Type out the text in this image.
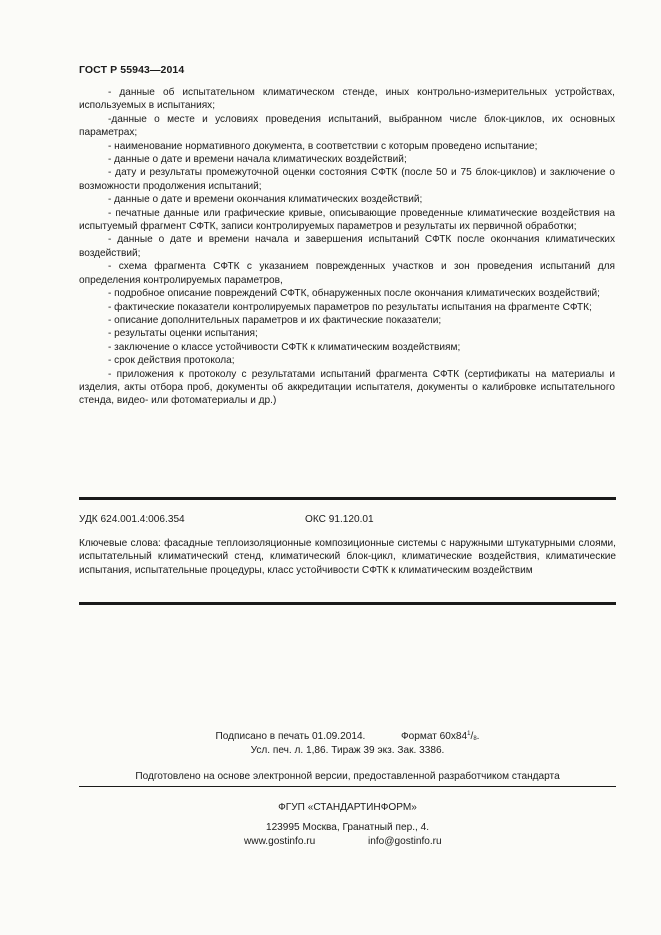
ГОСТ Р 55943—2014

- данные об испытательном климатическом стенде, иных контрольно-измерительных устройствах, используемых в испытаниях;

-данные о месте и условиях проведения испытаний, выбранном числе блок-циклов, их основных параметрах;

- наименование нормативного документа, в соответствии с которым проведено испытание;

- данные о дате и времени начала климатических воздействий;

- дату и результаты промежуточной оценки состояния СФТК (после 50 и 75 блок-циклов) и заключение о возможности продолжения испытаний;

- данные о дате и времени окончания климатических воздействий;

- печатные данные или графические кривые, описывающие проведенные климатические воздействия на испытуемый фрагмент СФТК, записи контролируемых параметров и результаты их первичной обработки;

- данные о дате и времени начала и завершения испытаний СФТК после окончания климатических воздействий;

- схема фрагмента СФТК с указанием поврежденных участков и зон проведения испытаний для определения контролируемых параметров,

- подробное описание повреждений СФТК, обнаруженных после окончания климатических воздействий;

- фактические показатели контролируемых параметров по результаты испытания на фрагменте СФТК;

- описание дополнительных параметров и их фактические показатели;

- результаты оценки испытания;

- заключение о классе устойчивости СФТК к климатическим воздействиям;

- срок действия протокола;

- приложения к протоколу с результатами испытаний фрагмента СФТК (сертификаты на материалы и изделия, акты отбора проб, документы об аккредитации испытателя, документы о калибровке испытательного стенда, видео- или фотоматериалы и др.)

УДК 624.001.4:006.354	ОКС 91.120.01

Ключевые слова: фасадные теплоизоляционные композиционные системы с наружными штукатурными слоями, испытательный климатический стенд, климатический блок-цикл, климатические воздействия, климатические испытания, испытательные процедуры, класс устойчивости СФТК к климатическим воздействим

Подписано в печать 01.09.2014.	Формат $60x84^1/_8$.
Усл. печ. л. 1,86. Тираж 39 экз. Зак. 3386.
Подготовлено на основе электронной версии, предоставленной разработчиком стандарта
ФГУП «СТАНДАРТИНФОРМ»
123995 Москва, Гранатный пер., 4.
www.gostinfo.ru	info@gostinfo.ru
